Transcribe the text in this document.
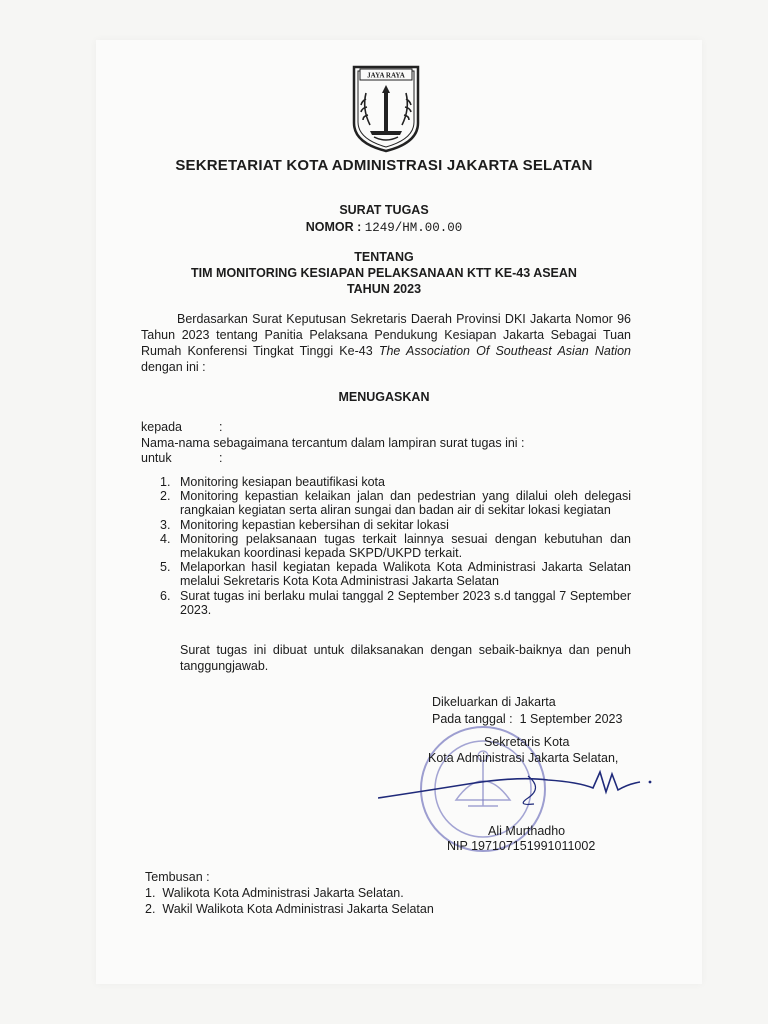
JAYA RAYA
SEKRETARIAT KOTA ADMINISTRASI JAKARTA SELATAN
SURAT TUGAS
NOMOR : 1249/HM.00.00
TENTANG
TIM MONITORING KESIAPAN PELAKSANAAN KTT KE-43 ASEAN
TAHUN 2023

Berdasarkan Surat Keputusan Sekretaris Daerah Provinsi DKI Jakarta Nomor 96 Tahun 2023 tentang Panitia Pelaksana Pendukung Kesiapan Jakarta Sebagai Tuan Rumah Konferensi Tingkat Tinggi Ke-43 The Association Of Southeast Asian Nation dengan ini :

MENUGASKAN
kepada	:
Nama-nama sebagaimana tercantum dalam lampiran surat tugas ini :
untuk	:
1. Monitoring kesiapan beautifikasi kota
2. Monitoring kepastian kelaikan jalan dan pedestrian yang dilalui oleh delegasi rangkaian kegiatan serta aliran sungai dan badan air di sekitar lokasi kegiatan
3. Monitoring kepastian kebersihan di sekitar lokasi
4. Monitoring pelaksanaan tugas terkait lainnya sesuai dengan kebutuhan dan melakukan koordinasi kepada SKPD/UKPD terkait.
5. Melaporkan hasil kegiatan kepada Walikota Kota Administrasi Jakarta Selatan melalui Sekretaris Kota Kota Administrasi Jakarta Selatan
6. Surat tugas ini berlaku mulai tanggal 2 September 2023 s.d tanggal 7 September 2023.
Surat tugas ini dibuat untuk dilaksanakan dengan sebaik-baiknya dan penuh tanggungjawab.
Dikeluarkan di Jakarta
Pada tanggal : 1 September 2023
Sekretaris Kota
Kota Administrasi Jakarta Selatan,
Ali Murthadho
NIP 197107151991011002
Tembusan :
1. Walikota Kota Administrasi Jakarta Selatan.
2. Wakil Walikota Kota Administrasi Jakarta Selatan
